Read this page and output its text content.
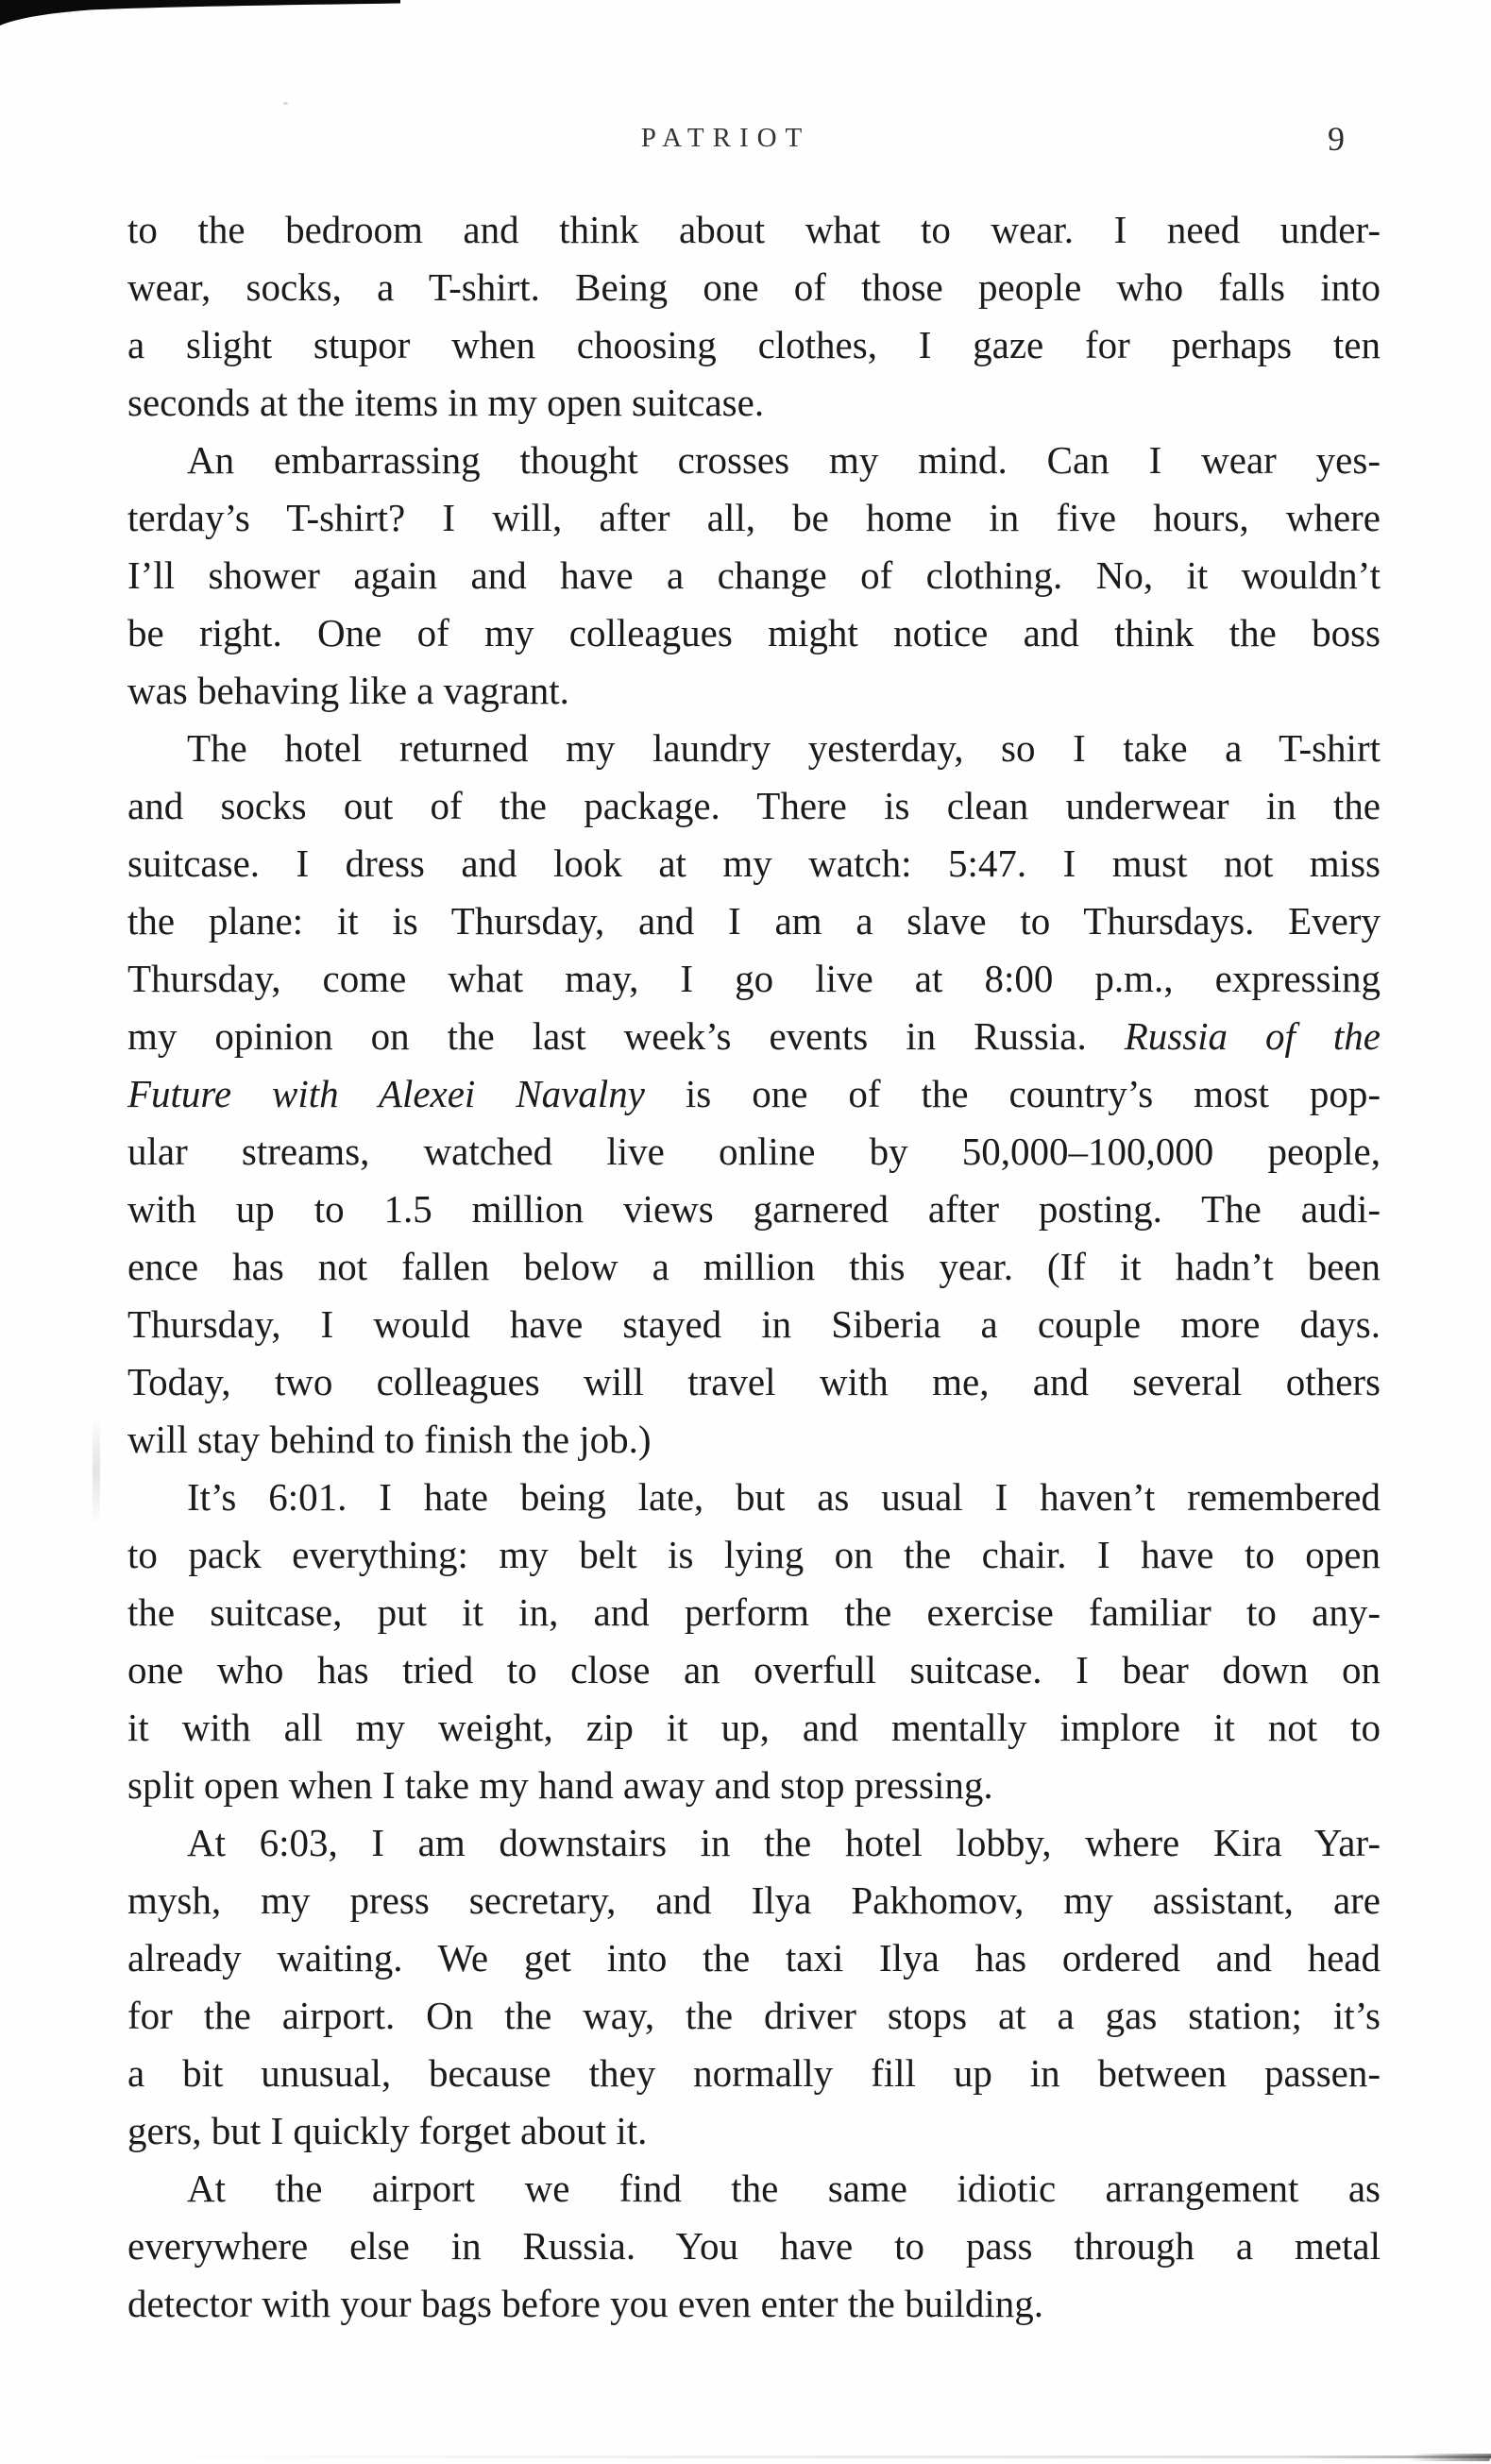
PATRIOT	9
to the bedroom and think about what to wear. I need under-
wear, socks, a T-shirt. Being one of those people who falls into
a slight stupor when choosing clothes, I gaze for perhaps ten
seconds at the items in my open suitcase.
An embarrassing thought crosses my mind. Can I wear yes-
terday’s T-shirt? I will, after all, be home in five hours, where
I’ll shower again and have a change of clothing. No, it wouldn’t
be right. One of my colleagues might notice and think the boss
was behaving like a vagrant.
The hotel returned my laundry yesterday, so I take a T-shirt
and socks out of the package. There is clean underwear in the
suitcase. I dress and look at my watch: 5:47. I must not miss
the plane: it is Thursday, and I am a slave to Thursdays. Every
Thursday, come what may, I go live at 8:00 p.m., expressing
my opinion on the last week’s events in Russia. Russia of the
Future with Alexei Navalny is one of the country’s most pop-
ular streams, watched live online by 50,000–100,000 people,
with up to 1.5 million views garnered after posting. The audi-
ence has not fallen below a million this year. (If it hadn’t been
Thursday, I would have stayed in Siberia a couple more days.
Today, two colleagues will travel with me, and several others
will stay behind to finish the job.)
It’s 6:01. I hate being late, but as usual I haven’t remembered
to pack everything: my belt is lying on the chair. I have to open
the suitcase, put it in, and perform the exercise familiar to any-
one who has tried to close an overfull suitcase. I bear down on
it with all my weight, zip it up, and mentally implore it not to
split open when I take my hand away and stop pressing.
At 6:03, I am downstairs in the hotel lobby, where Kira Yar-
mysh, my press secretary, and Ilya Pakhomov, my assistant, are
already waiting. We get into the taxi Ilya has ordered and head
for the airport. On the way, the driver stops at a gas station; it’s
a bit unusual, because they normally fill up in between passen-
gers, but I quickly forget about it.
At the airport we find the same idiotic arrangement as
everywhere else in Russia. You have to pass through a metal
detector with your bags before you even enter the building.
